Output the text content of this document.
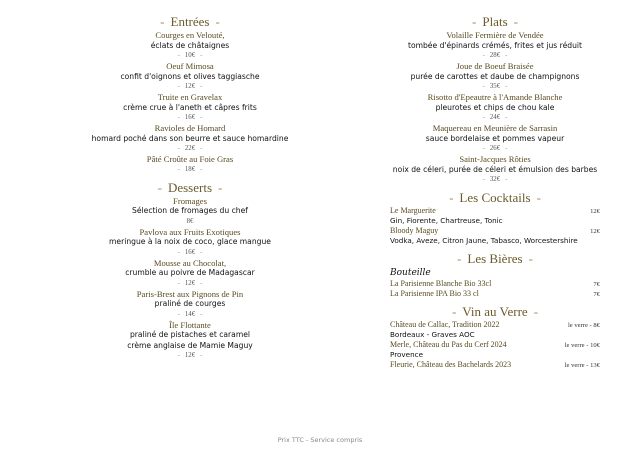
- Entrées -
Courges en Velouté,
éclats de châtaignes
- 10€ -
Oeuf Mimosa
confit d'oignons et olives taggiasche
- 12€ -
Truite en Gravelax
crème crue à l'aneth et câpres frits
- 16€ -
Ravioles de Homard
homard poché dans son beurre et sauce homardine
- 22€ -
Pâté Croûte au Foie Gras
- 18€ -
- Desserts -
Fromages
Sélection de fromages du chef
8€
Pavlova aux Fruits Exotiques
meringue à la noix de coco, glace mangue
- 16€ -
Mousse au Chocolat,
crumble au poivre de Madagascar
- 12€ -
Paris-Brest aux Pignons de Pin
praliné de courges
- 14€ -
Île Flottante
praliné de pistaches et caramel
crème anglaise de Mamie Maguy
- 12€ -
- Plats -
Volaille Fermière de Vendée
tombée d'épinards crémés, frites et jus réduit
- 28€ -
Joue de Boeuf Braisée
purée de carottes et daube de champignons
- 35€ -
Risotto d'Epeautre à l'Amande Blanche
pleurotes et chips de chou kale
- 24€ -
Maquereau en Meunière de Sarrasin
sauce bordelaise et pommes vapeur
- 26€ -
Saint-Jacques Rôties
noix de céleri, purée de céleri et émulsion des barbes
- 32€ -
- Les Cocktails -
Le Marguerite	12€
Gin, Fiorente, Chartreuse, Tonic
Bloody Maguy	12€
Vodka, Aveze, Citron Jaune, Tabasco, Worcestershire
- Les Bières -
Bouteille
La Parisienne Blanche Bio 33cl	7€
La Parisienne IPA Bio 33 cl	7€
- Vin au Verre -
Château de Callac, Tradition 2022	le verre - 8€
Bordeaux - Graves AOC
Merle, Château du Pas du Cerf 2024	le verre - 10€
Provence
Fleurie, Château des Bachelards 2023	le verre - 13€
Prix TTC - Service compris
